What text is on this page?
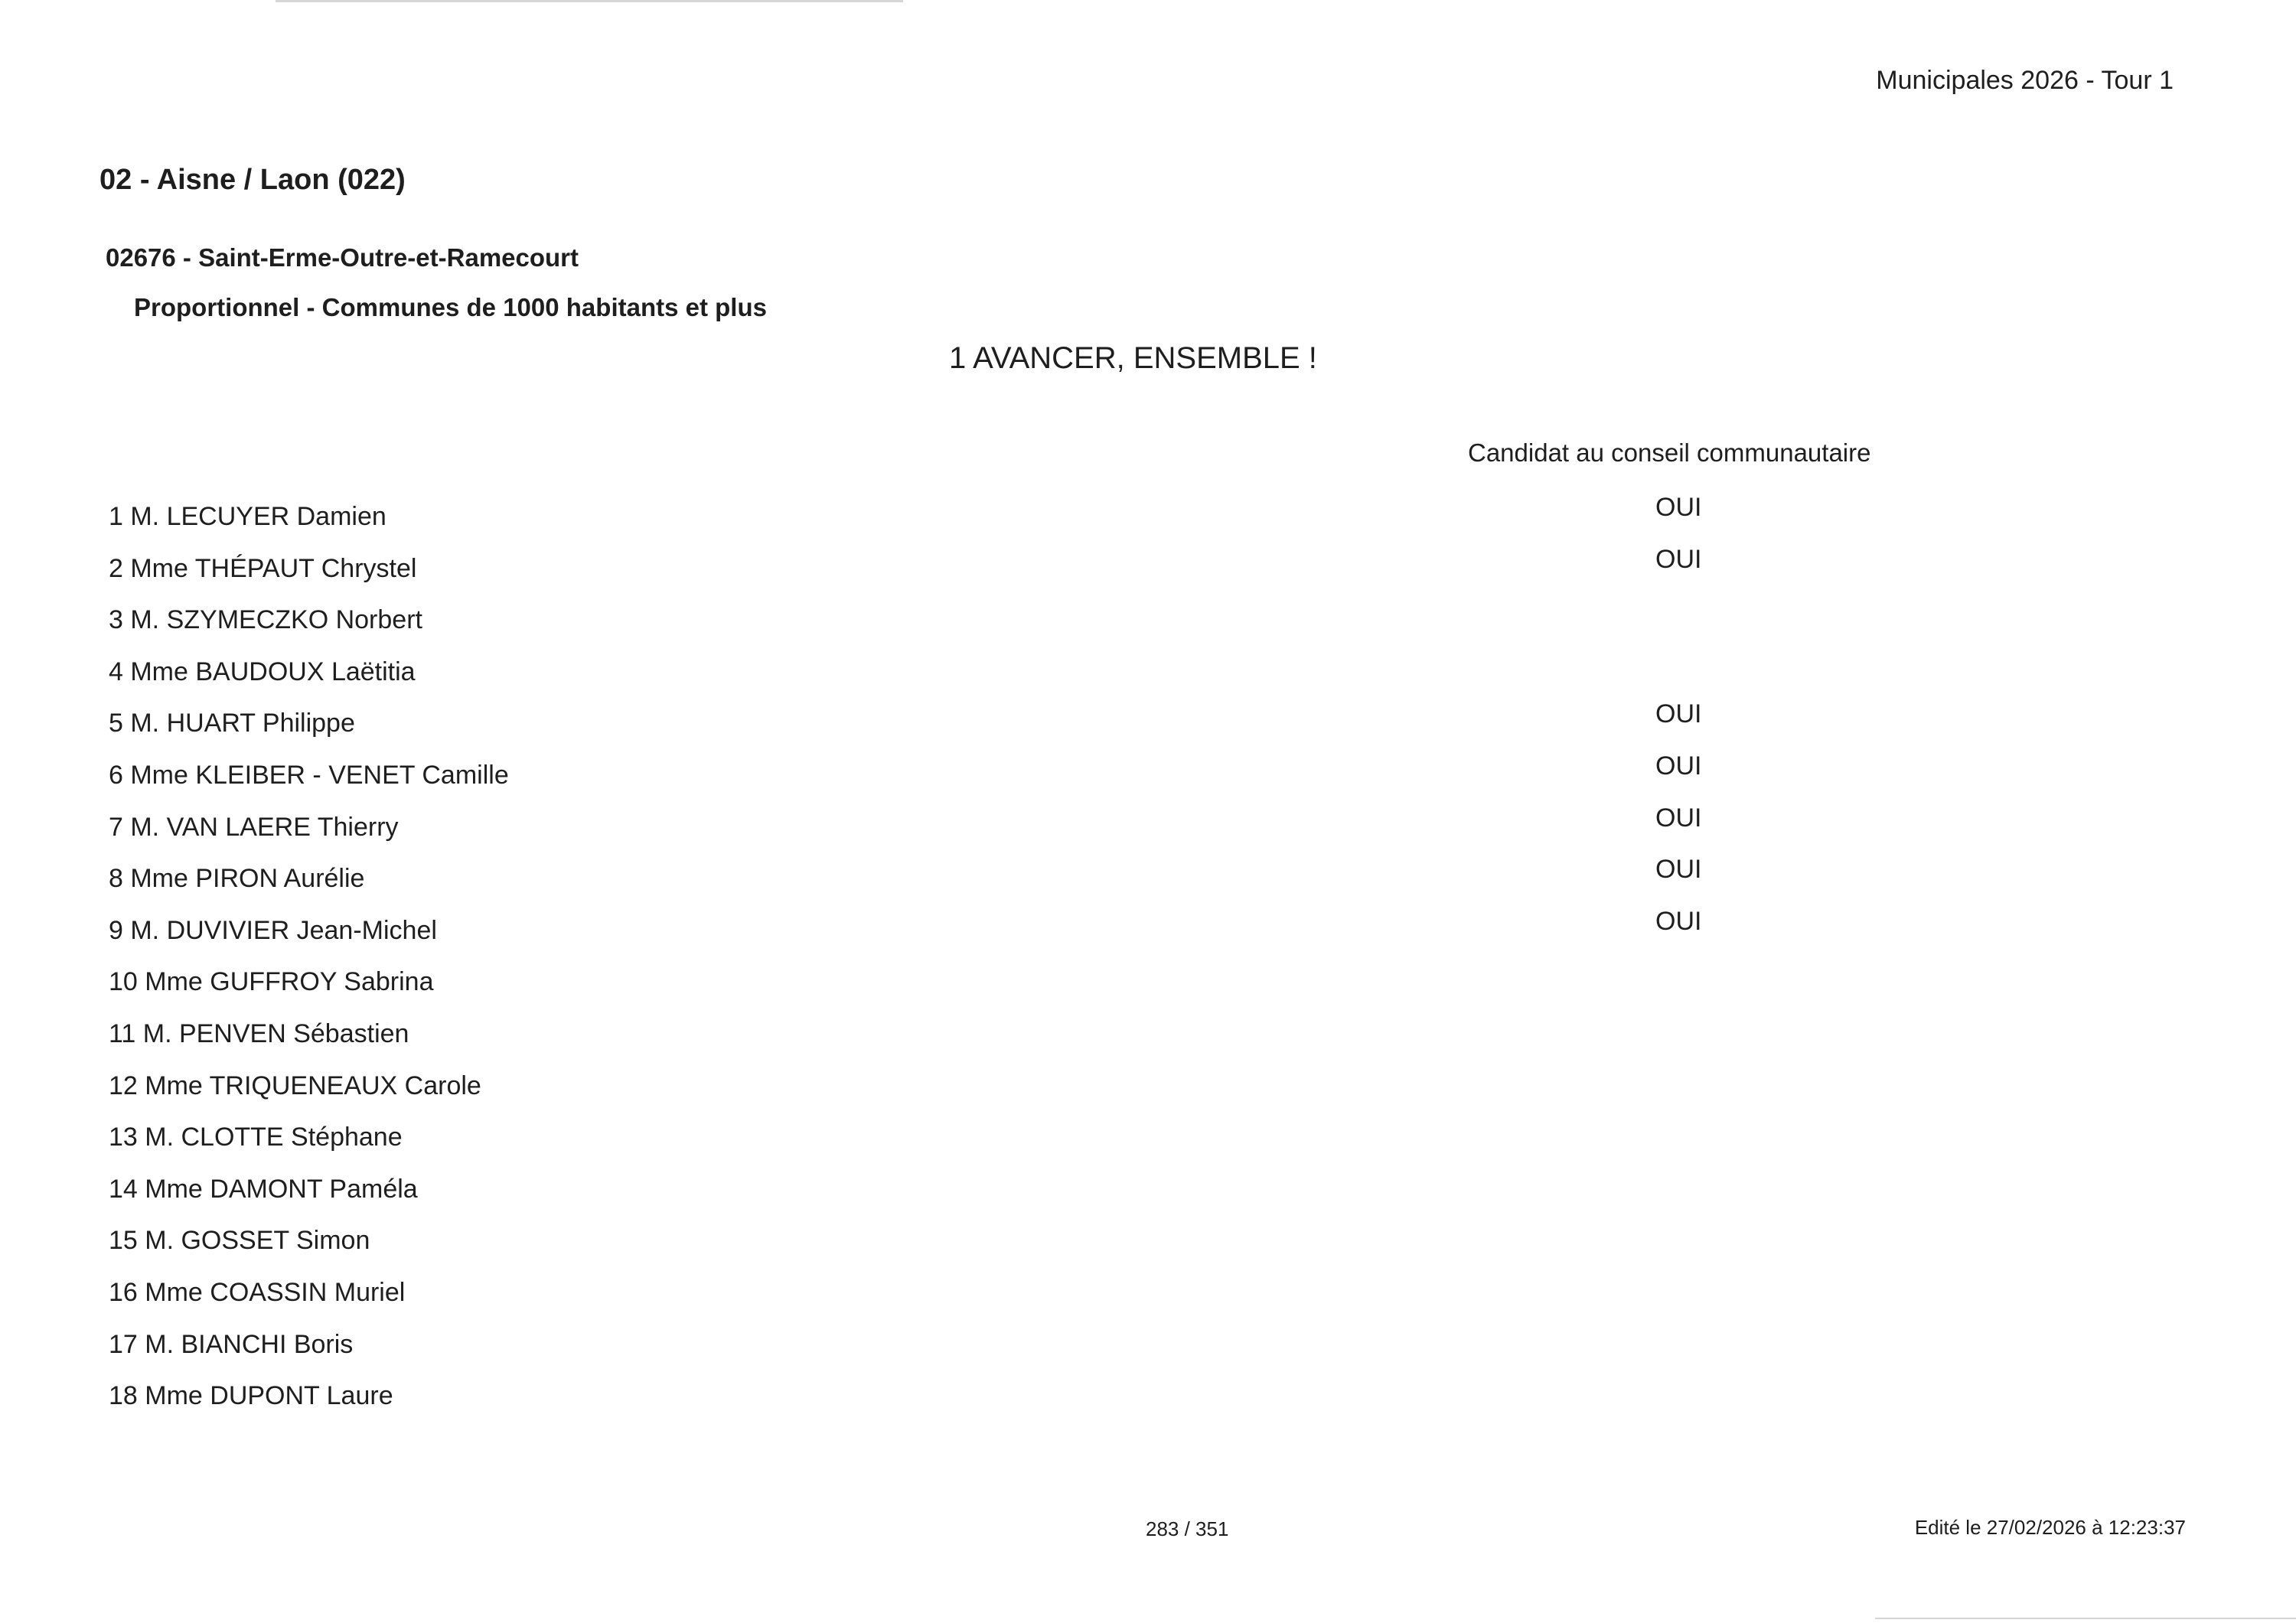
Municipales 2026 - Tour 1
02 - Aisne / Laon (022)
02676 - Saint-Erme-Outre-et-Ramecourt
Proportionnel - Communes de 1000 habitants et plus
1 AVANCER, ENSEMBLE !
Candidat au conseil communautaire
1 M. LECUYER Damien	OUI
2 Mme THÉPAUT Chrystel	OUI
3 M. SZYMECZKO Norbert
4 Mme BAUDOUX Laëtitia
5 M. HUART Philippe	OUI
6 Mme KLEIBER - VENET Camille	OUI
7 M. VAN LAERE Thierry	OUI
8 Mme PIRON Aurélie	OUI
9 M. DUVIVIER Jean-Michel	OUI
10 Mme GUFFROY Sabrina
11 M. PENVEN Sébastien
12 Mme TRIQUENEAUX Carole
13 M. CLOTTE Stéphane
14 Mme DAMONT Paméla
15 M. GOSSET Simon
16 Mme COASSIN Muriel
17 M. BIANCHI Boris
18 Mme DUPONT Laure
283 / 351	Edité le 27/02/2026 à 12:23:37
